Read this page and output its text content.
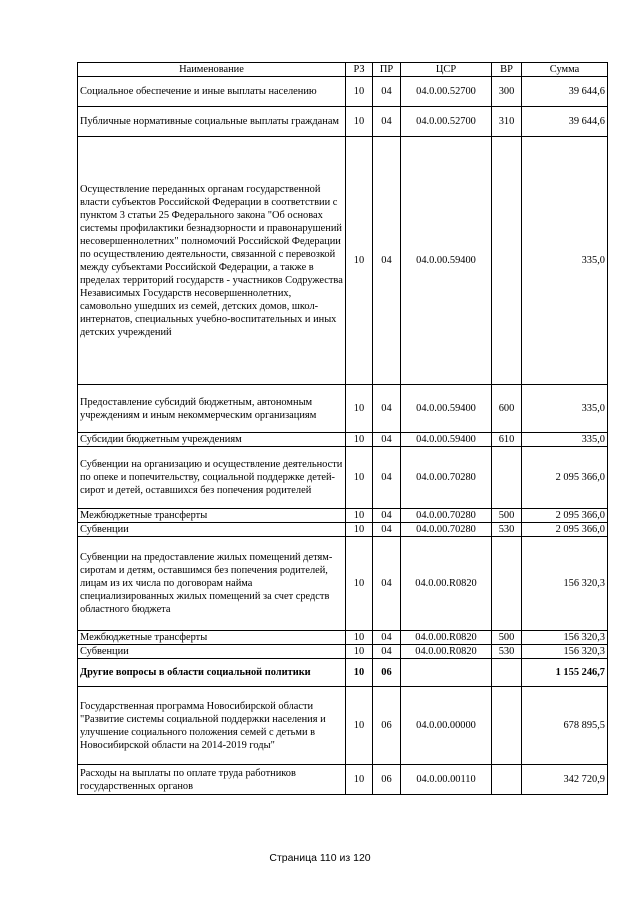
Наименование	РЗ	ПР	ЦСР	ВР	Сумма
Социальное обеспечение и иные выплаты населению	10	04	04.0.00.52700	300	39 644,6
Публичные нормативные социальные выплаты гражданам	10	04	04.0.00.52700	310	39 644,6
Осуществление переданных органам государственной власти субъектов Российской Федерации в соответствии с пунктом 3 статьи 25 Федерального закона "Об основах системы профилактики безнадзорности и правонарушений несовершеннолетних" полномочий Российской Федерации по осуществлению деятельности, связанной с перевозкой между субъектами Российской Федерации, а также в пределах территорий государств - участников Содружества Независимых Государств несовершеннолетних, самовольно ушедших из семей, детских домов, школ-интернатов, специальных учебно-воспитательных и иных детских учреждений	10	04	04.0.00.59400		335,0
Предоставление субсидий бюджетным, автономным учреждениям и иным некоммерческим организациям	10	04	04.0.00.59400	600	335,0
Субсидии бюджетным учреждениям	10	04	04.0.00.59400	610	335,0
Субвенции на организацию и осуществление деятельности по опеке и попечительству, социальной поддержке детей-сирот и детей, оставшихся без попечения родителей	10	04	04.0.00.70280		2 095 366,0
Межбюджетные трансферты	10	04	04.0.00.70280	500	2 095 366,0
Субвенции	10	04	04.0.00.70280	530	2 095 366,0
Субвенции на предоставление жилых помещений детям-сиротам и детям, оставшимся без попечения родителей, лицам из их числа по договорам найма специализированных жилых помещений за счет средств областного бюджета	10	04	04.0.00.R0820		156 320,3
Межбюджетные трансферты	10	04	04.0.00.R0820	500	156 320,3
Субвенции	10	04	04.0.00.R0820	530	156 320,3
Другие вопросы в области социальной политики	10	06			1 155 246,7
Государственная программа Новосибирской области "Развитие системы социальной поддержки населения и улучшение социального положения семей с детьми в Новосибирской области на 2014-2019 годы"	10	06	04.0.00.00000		678 895,5
Расходы на выплаты по оплате труда работников государственных органов	10	06	04.0.00.00110		342 720,9
Страница 110 из 120
